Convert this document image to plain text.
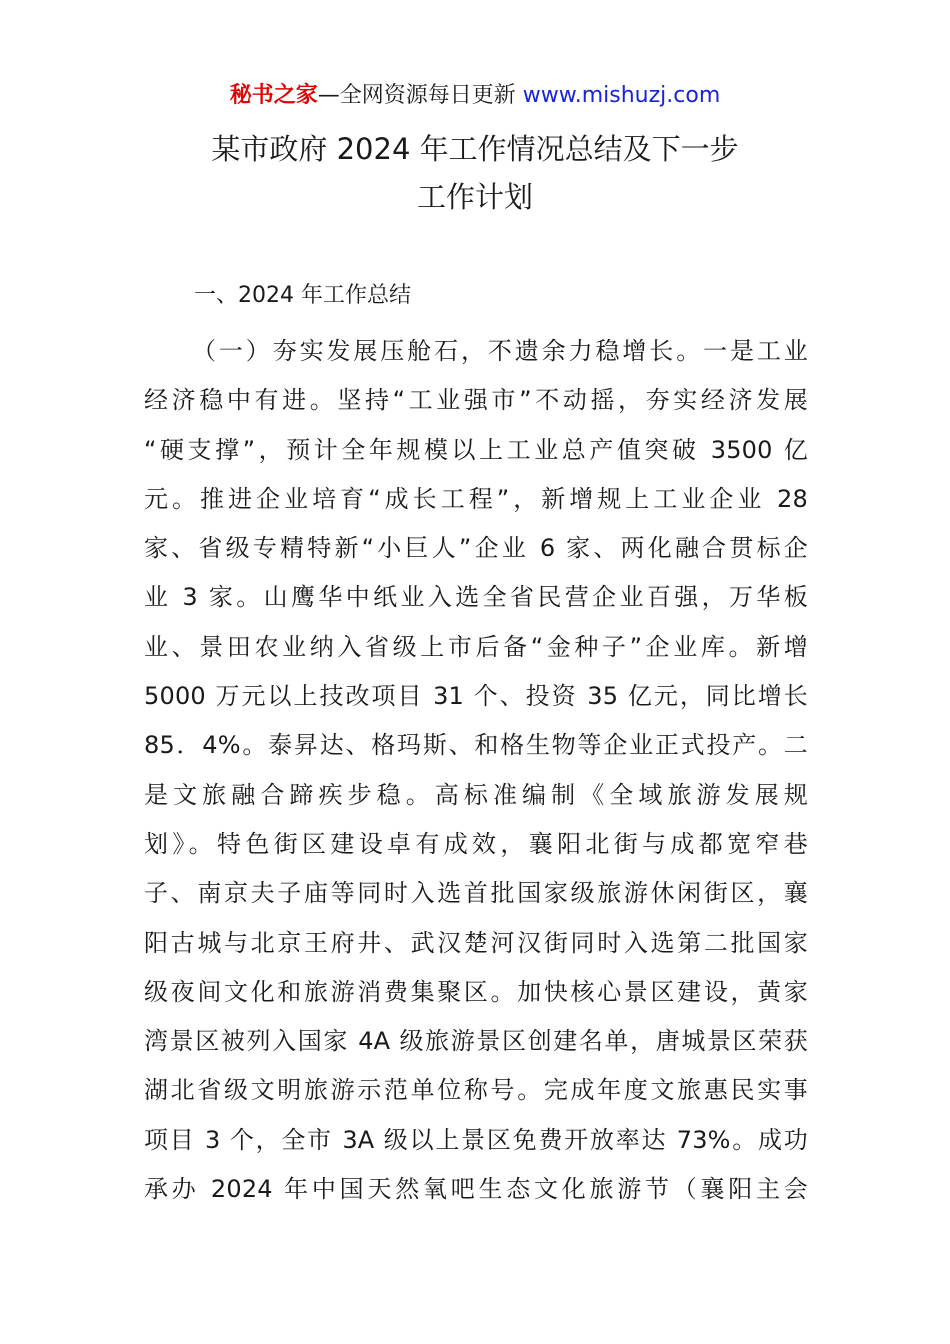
秘书之家—全网资源每日更新 www.mishuzj.com
某市政府 2024 年工作情况总结及下一步
工作计划
一、2024 年工作总结
（一）夯实发展压舱石，不遗余力稳增长。一是工业
经济稳中有进。坚持“工业强市”不动摇，夯实经济发展
“硬支撑”，预计全年规模以上工业总产值突破 3500 亿
元。推进企业培育“成长工程”，新增规上工业企业 28
家、省级专精特新“小巨人”企业 6 家、两化融合贯标企
业 3 家。山鹰华中纸业入选全省民营企业百强，万华板
业、景田农业纳入省级上市后备“金种子”企业库。新增
5000 万元以上技改项目 31 个、投资 35 亿元，同比增长
85．4%。泰昇达、格玛斯、和格生物等企业正式投产。二
是文旅融合蹄疾步稳。高标准编制《全域旅游发展规
划》。特色街区建设卓有成效，襄阳北街与成都宽窄巷
子、南京夫子庙等同时入选首批国家级旅游休闲街区，襄
阳古城与北京王府井、武汉楚河汉街同时入选第二批国家
级夜间文化和旅游消费集聚区。加快核心景区建设，黄家
湾景区被列入国家 4A 级旅游景区创建名单，唐城景区荣获
湖北省级文明旅游示范单位称号。完成年度文旅惠民实事
项目 3 个，全市 3A 级以上景区免费开放率达 73%。成功
承办 2024 年中国天然氧吧生态文化旅游节（襄阳主会
